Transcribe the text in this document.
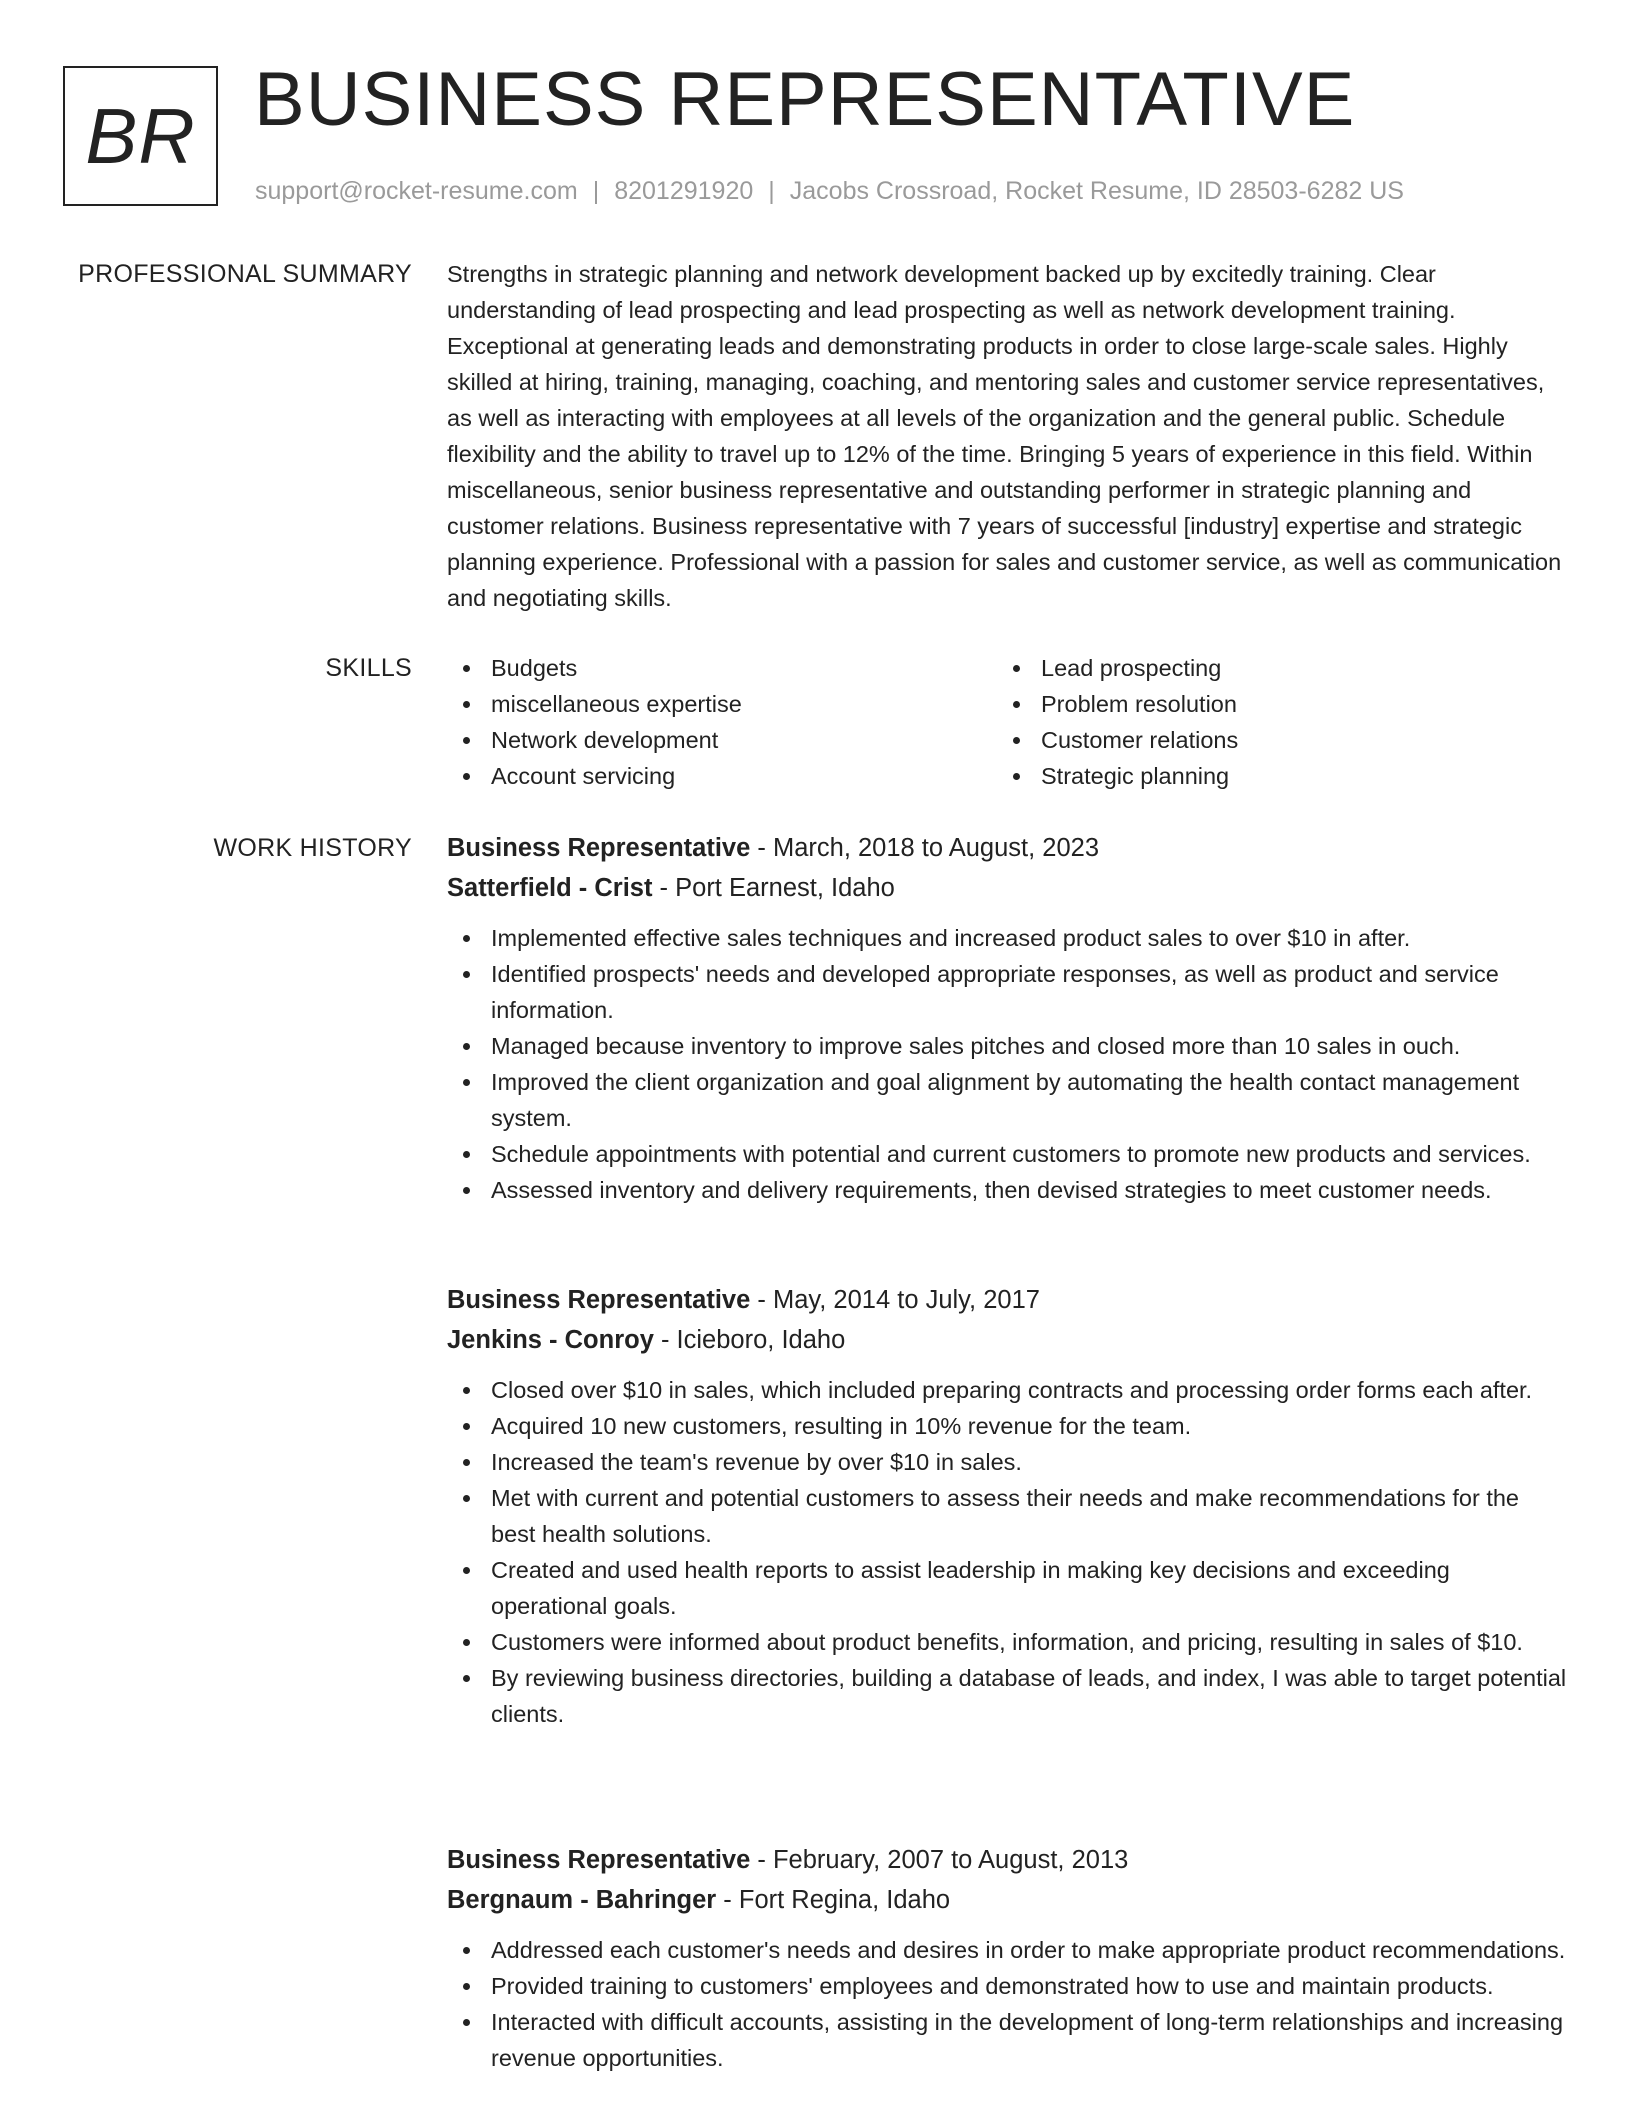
BR BUSINESS REPRESENTATIVE
support@rocket-resume.com | 8201291920 | Jacobs Crossroad, Rocket Resume, ID 28503-6282 US
PROFESSIONAL SUMMARY Strengths in strategic planning and network development backed up by excitedly training. Clear understanding of lead prospecting and lead prospecting as well as network development training. Exceptional at generating leads and demonstrating products in order to close large-scale sales. Highly skilled at hiring, training, managing, coaching, and mentoring sales and customer service representatives, as well as interacting with employees at all levels of the organization and the general public. Schedule flexibility and the ability to travel up to 12% of the time. Bringing 5 years of experience in this field. Within miscellaneous, senior business representative and outstanding performer in strategic planning and customer relations. Business representative with 7 years of successful [industry] expertise and strategic planning experience. Professional with a passion for sales and customer service, as well as communication and negotiating skills.

SKILLS	Budgets
miscellaneous expertise
Network development
Account servicing
Lead prospecting
Problem resolution
Customer relations
Strategic planning
WORK HISTORY Business Representative - March, 2018 to August, 2023
Satterfield - Crist - Port Earnest, Idaho
Implemented effective sales techniques and increased product sales to over $10 in after.
Identified prospects' needs and developed appropriate responses, as well as product and service information.
Managed because inventory to improve sales pitches and closed more than 10 sales in ouch.
Improved the client organization and goal alignment by automating the health contact management system.
Schedule appointments with potential and current customers to promote new products and services.
Assessed inventory and delivery requirements, then devised strategies to meet customer needs.
Business Representative - May, 2014 to July, 2017
Jenkins - Conroy - Icieboro, Idaho
Closed over $10 in sales, which included preparing contracts and processing order forms each after.
Acquired 10 new customers, resulting in 10% revenue for the team.
Increased the team's revenue by over $10 in sales.
Met with current and potential customers to assess their needs and make recommendations for the best health solutions.
Created and used health reports to assist leadership in making key decisions and exceeding operational goals.
Customers were informed about product benefits, information, and pricing, resulting in sales of $10.
By reviewing business directories, building a database of leads, and index, I was able to target potential clients.
Business Representative - February, 2007 to August, 2013
Bergnaum - Bahringer - Fort Regina, Idaho
Addressed each customer's needs and desires in order to make appropriate product recommendations.
Provided training to customers' employees and demonstrated how to use and maintain products.
Interacted with difficult accounts, assisting in the development of long-term relationships and increasing revenue opportunities.
